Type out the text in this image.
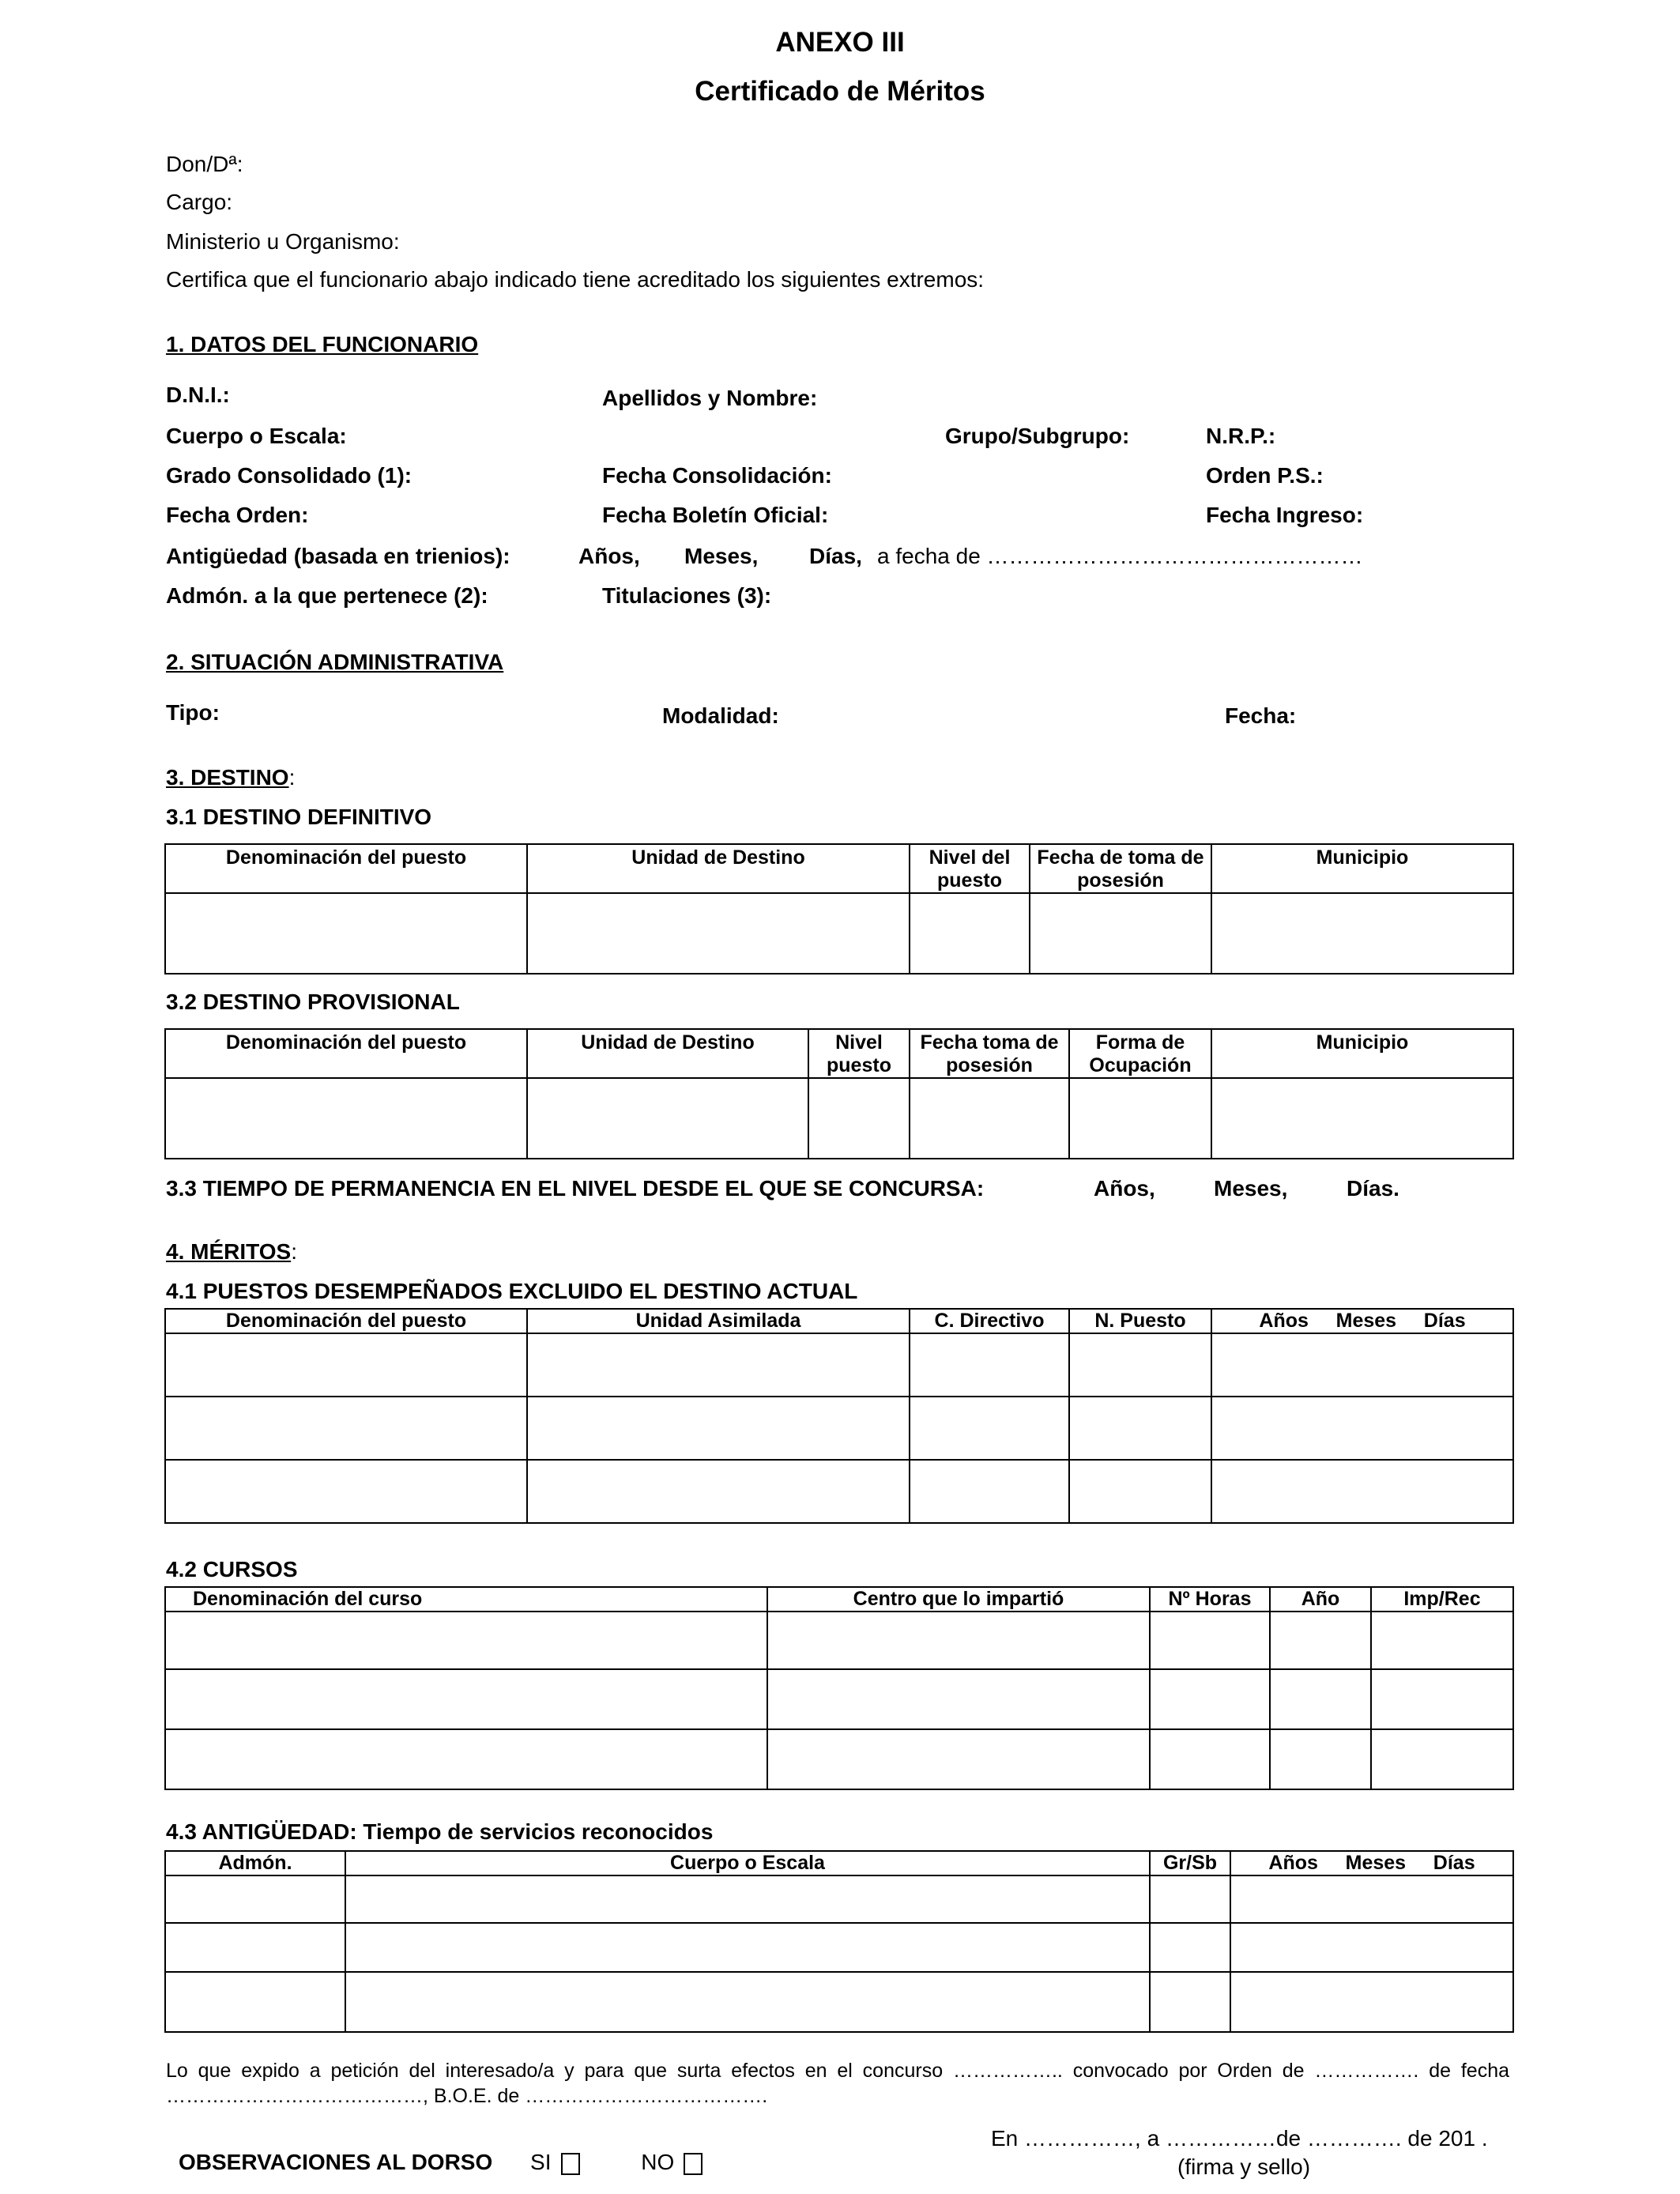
ANEXO III
Certificado de Méritos
Don/Dª:
Cargo:
Ministerio u Organismo:
Certifica que el funcionario abajo indicado tiene acreditado los siguientes extremos:
1. DATOS DEL FUNCIONARIO
D.N.I.:	Apellidos y Nombre:
Cuerpo o Escala:	Grupo/Subgrupo:	N.R.P.:
Grado Consolidado (1):	Fecha Consolidación:	Orden P.S.:
Fecha Orden:	Fecha Boletín Oficial:	Fecha Ingreso:
Antigüedad (basada en trienios):	Años, Meses, Días, a fecha de ……………………………………………
Admón. a la que pertenece (2):	Titulaciones (3):
2. SITUACIÓN ADMINISTRATIVA
Tipo:	Modalidad:	Fecha:
3. DESTINO:
3.1 DESTINO DEFINITIVO
Denominación del puesto	Unidad de Destino	Nivel del puesto	Fecha de toma de posesión	Municipio

3.2 DESTINO PROVISIONAL
Denominación del puesto	Unidad de Destino	Nivel puesto	Fecha toma de posesión	Forma de Ocupación	Municipio

3.3 TIEMPO DE PERMANENCIA EN EL NIVEL DESDE EL QUE SE CONCURSA:	Años,	Meses,	Días.
4. MÉRITOS:
4.1 PUESTOS DESEMPEÑADOS EXCLUIDO EL DESTINO ACTUAL
Denominación del puesto	Unidad Asimilada	C. Directivo	N. Puesto	Años     Meses     Días

4.2 CURSOS
Denominación del curso	Centro que lo impartió	Nº Horas	Año	Imp/Rec

4.3 ANTIGÜEDAD: Tiempo de servicios reconocidos
Admón.	Cuerpo o Escala	Gr/Sb	Años     Meses     Días

Lo que expido a petición del interesado/a y para que surta efectos en el concurso …………….. convocado por Orden de ……………. de fecha …………………………………, B.O.E. de ……………………………….
En ……………, a ……………de …………. de 201 .
(firma y sello)
OBSERVACIONES AL DORSO SI	NO
